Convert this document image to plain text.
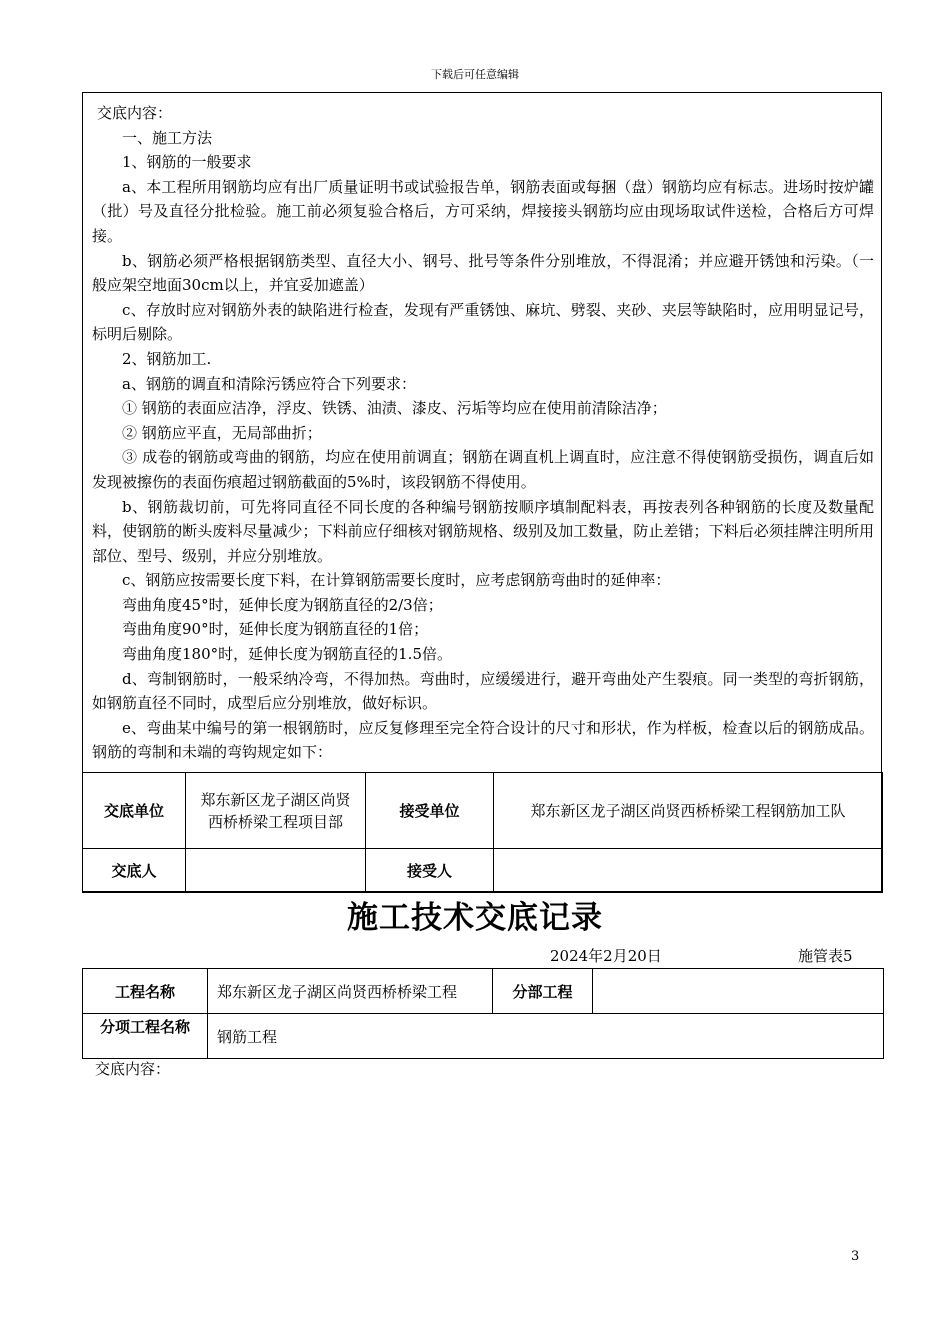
下载后可任意编辑

交底内容：

一、施工方法

1、钢筋的一般要求

a、本工程所用钢筋均应有出厂质量证明书或试验报告单，钢筋表面或每捆（盘）钢筋均应有标志。进场时按炉罐（批）号及直径分批检验。施工前必须复验合格后，方可采纳，焊接接头钢筋均应由现场取试件送检，合格后方可焊接。

b、钢筋必须严格根据钢筋类型、直径大小、钢号、批号等条件分别堆放，不得混淆；并应避开锈蚀和污染。（一般应架空地面30cm以上，并宜妥加遮盖）

c、存放时应对钢筋外表的缺陷进行检查，发现有严重锈蚀、麻坑、劈裂、夹砂、夹层等缺陷时，应用明显记号，标明后剔除。

2、钢筋加工.

a、钢筋的调直和清除污锈应符合下列要求：

① 钢筋的表面应洁净，浮皮、铁锈、油渍、漆皮、污垢等均应在使用前清除洁净；

② 钢筋应平直，无局部曲折；

③ 成卷的钢筋或弯曲的钢筋，均应在使用前调直；钢筋在调直机上调直时，应注意不得使钢筋受损伤，调直后如发现被擦伤的表面伤痕超过钢筋截面的5%时，该段钢筋不得使用。

b、钢筋裁切前，可先将同直径不同长度的各种编号钢筋按顺序填制配料表，再按表列各种钢筋的长度及数量配料，使钢筋的断头废料尽量减少；下料前应仔细核对钢筋规格、级别及加工数量，防止差错；下料后必须挂牌注明所用部位、型号、级别，并应分别堆放。

c、钢筋应按需要长度下料，在计算钢筋需要长度时，应考虑钢筋弯曲时的延伸率：

弯曲角度45°时，延伸长度为钢筋直径的2/3倍；

弯曲角度90°时，延伸长度为钢筋直径的1倍；

弯曲角度180°时，延伸长度为钢筋直径的1.5倍。

d、弯制钢筋时，一般采纳冷弯，不得加热。弯曲时，应缓缓进行，避开弯曲处产生裂痕。同一类型的弯折钢筋，如钢筋直径不同时，成型后应分别堆放，做好标识。

e、弯曲某中编号的第一根钢筋时，应反复修理至完全符合设计的尺寸和形状，作为样板，检查以后的钢筋成品。钢筋的弯制和未端的弯钩规定如下：

交底单位	郑东新区龙子湖区尚贤西桥桥梁工程项目部	接受单位	郑东新区龙子湖区尚贤西桥桥梁工程钢筋加工队
交底人		接受人	
施工技术交底记录
2024年2月20日	施管表5
工程名称	郑东新区龙子湖区尚贤西桥桥梁工程	分部工程	
分项工程名称	钢筋工程		
交底内容：
3
